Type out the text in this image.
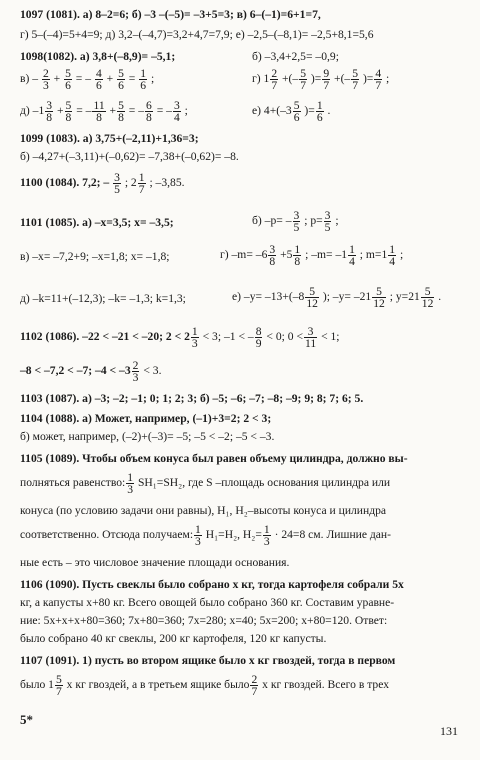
1097 (1081). а) 8–2=6; б) –3 –(–5)= –3+5=3; в) 6–(–1)=6+1=7,
г) 5–(–4)=5+4=9; д) 3,2–(–4,7)=3,2+4,7=7,9; е) –2,5–(–8,1)= –2,5+8,1=5,6
1098(1082). а) 3,8+(–8,9)= –5,1;	б) –3,4+2,5= –0,9;
$в) - \frac{2}{3} + \frac{5}{6}$ = – $\frac{4}{6} + \frac{5}{6} = \frac{1}{6}$ ;	г) $1 \frac{2}{7}$ +(– $\frac{5}{7}$ )= $\frac{9}{7}$ +(– $\frac{5}{7}$ )= $\frac{4}{7}$ ;
д) $-1 \frac{3}{8} + \frac{5}{8}$ = – $\frac{11}{8} + \frac{5}{8}$ = – $\frac{6}{8}$ = – $\frac{3}{4}$ ;	е) $4+(-3 \frac{5}{6}$ )= $\frac{1}{6}$ .
1099 (1083). а) 3,75+(–2,11)+1,36=3;
б) –4,27+(–3,11)+(–0,62)= –7,38+(–0,62)= –8.
1100 (1084). 7,2; – $\frac{3}{5}$ ; $2 \frac{1}{7}$ ; –3,85.
1101 (1085). а) –x=3,5; x= –3,5;	б) $-p= - \frac{3}{5}$ ; $p= \frac{3}{5}$ ;
в) –x= –7,2+9; –x=1,8; x= –1,8;	г) $-m= -6 \frac{3}{8} +5 \frac{1}{8}$ ; $-m= -1 \frac{1}{4}$ ; $m=1 \frac{1}{4}$ ;
д) –k=11+(–12,3); –k= –1,3; k=1,3;	е) $-y= -13+(-8 \frac{5}{12}$ ); $-y= -21 \frac{5}{12}$ ; $y=21 \frac{5}{12}$ .
1102 (1086). –22 < –21 < –20; $2 < 2 \frac{1}{3} < 3$; –1 < – $\frac{8}{9} < 0$; $0 < \frac{3}{11} < 1$;
–8 < –7,2 < –7; $-4 < -3 \frac{2}{3} < 3$.
1103 (1087). а) –3; –2; –1; 0; 1; 2; 3; б) –5; –6; –7; –8; –9; 9; 8; 7; 6; 5.
1104 (1088). а) Может, например, (–1)+3=2; 2 < 3;
б) может, например, (–2)+(–3)= –5; –5 < –2; –5 < –3.
1105 (1089). Чтобы объем конуса был равен объему цилиндра, должно вы-
полняться равенство: $\frac{1}{3} SH_1=SH_2$, где S –площадь основания цилиндра или
конуса (по условию задачи они равны), H₁, H₂–высоты конуса и цилиндра
соответственно. Отсюда получаем: $\frac{1}{3} H_1=H_2$, $H_2= \frac{1}{3} \cdot 24=8$ см. Лишние дан-
ные есть – это числовое значение площади основания.
1106 (1090). Пусть свеклы было собрано x кг, тогда картофеля собрали 5x
кг, а капусты x+80 кг. Всего овощей было собрано 360 кг. Составим уравне-
ние: 5x+x+x+80=360; 7x+80=360; 7x=280; x=40; 5x=200; x+80=120. Ответ:
было собрано 40 кг свеклы, 200 кг картофеля, 120 кг капусты.
1107 (1091). 1) пусть во втором ящике было x кг гвоздей, тогда в первом
было $1 \frac{5}{7}$ x кг гвоздей, а в третьем ящике было $\frac{2}{7}$ x кг гвоздей. Всего в трех
5*
131
